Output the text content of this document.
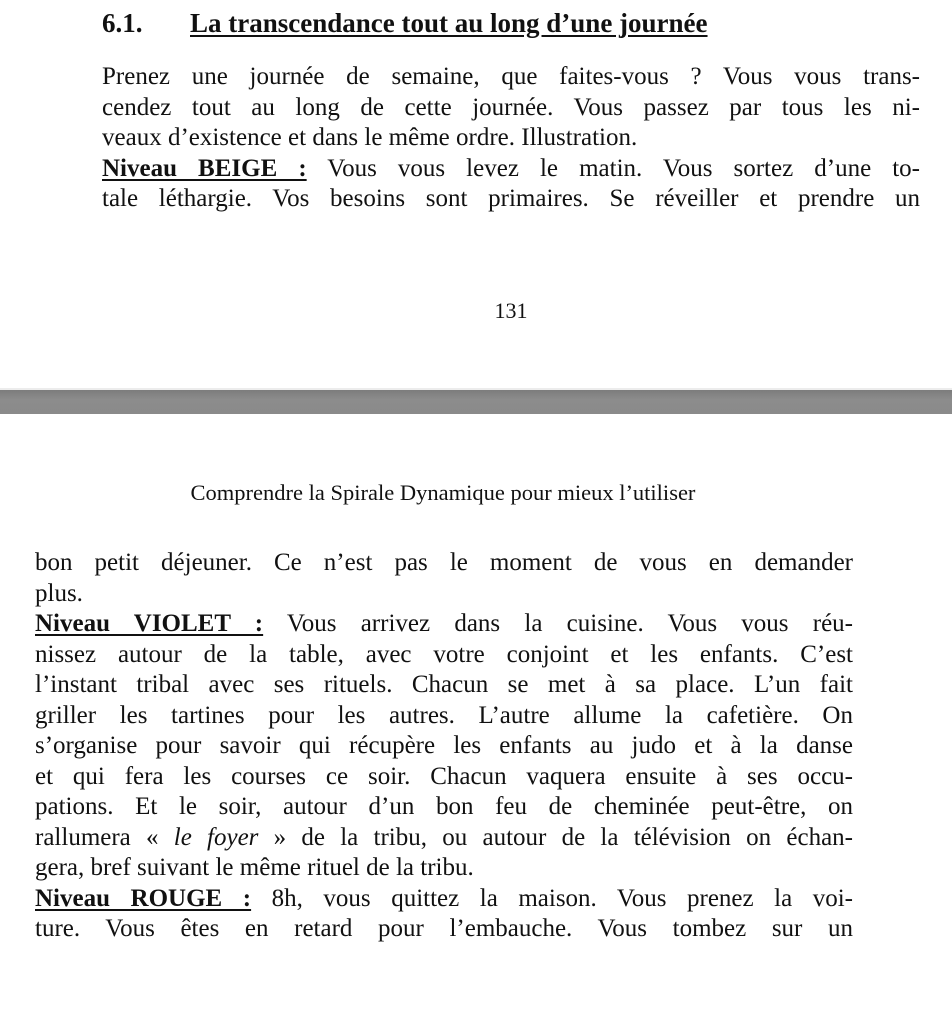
6.1. La transcendance tout au long d’une journée
Prenez une journée de semaine, que faites-vous ? Vous vous trans-
cendez tout au long de cette journée. Vous passez par tous les ni-
veaux d’existence et dans le même ordre. Illustration.
Niveau BEIGE : Vous vous levez le matin. Vous sortez d’une to-
tale léthargie. Vos besoins sont primaires. Se réveiller et prendre un
131
Comprendre la Spirale Dynamique pour mieux l’utiliser
bon petit déjeuner. Ce n’est pas le moment de vous en demander
plus.
Niveau VIOLET : Vous arrivez dans la cuisine. Vous vous réu-
nissez autour de la table, avec votre conjoint et les enfants. C’est
l’instant tribal avec ses rituels. Chacun se met à sa place. L’un fait
griller les tartines pour les autres. L’autre allume la cafetière. On
s’organise pour savoir qui récupère les enfants au judo et à la danse
et qui fera les courses ce soir. Chacun vaquera ensuite à ses occu-
pations. Et le soir, autour d’un bon feu de cheminée peut-être, on
rallumera « le foyer » de la tribu, ou autour de la télévision on échan-
gera, bref suivant le même rituel de la tribu.
Niveau ROUGE : 8h, vous quittez la maison. Vous prenez la voi-
ture. Vous êtes en retard pour l’embauche. Vous tombez sur un
